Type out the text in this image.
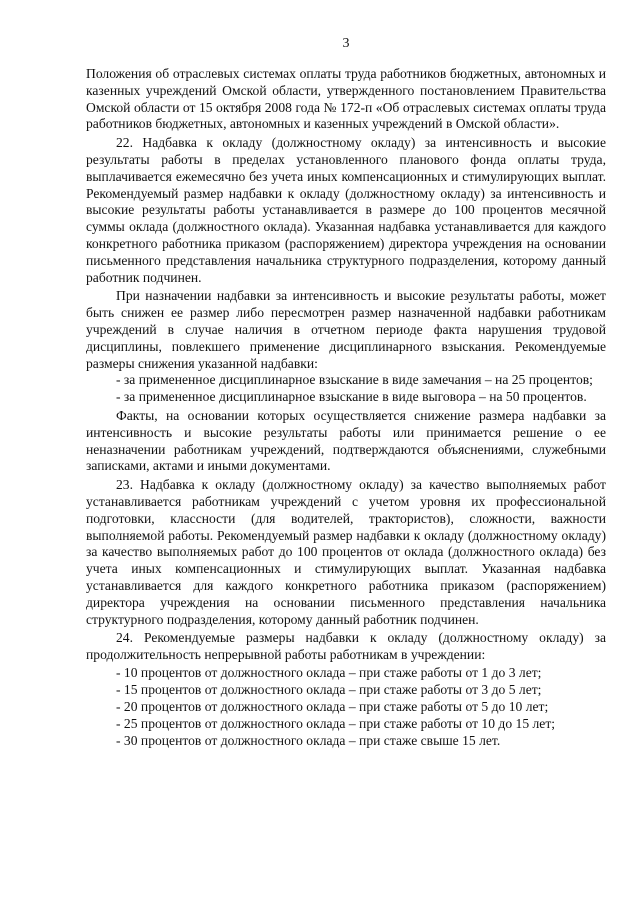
3

Положения об отраслевых системах оплаты труда работников бюджетных, автономных и казенных учреждений Омской области, утвержденного постановлением Правительства Омской области от 15 октября 2008 года № 172-п «Об отраслевых системах оплаты труда работников бюджетных, автономных и казенных учреждений в Омской области».

22. Надбавка к окладу (должностному окладу) за интенсивность и высокие результаты работы в пределах установленного планового фонда оплаты труда, выплачивается ежемесячно без учета иных компенсационных и стимулирующих выплат. Рекомендуемый размер надбавки к окладу (должностному окладу) за интенсивность и высокие результаты работы устанавливается в размере до 100 процентов месячной суммы оклада (должностного оклада). Указанная надбавка устанавливается для каждого конкретного работника приказом (распоряжением) директора учреждения на основании письменного представления начальника структурного подразделения, которому данный работник подчинен.

При назначении надбавки за интенсивность и высокие результаты работы, может быть снижен ее размер либо пересмотрен размер назначенной надбавки работникам учреждений в случае наличия в отчетном периоде факта нарушения трудовой дисциплины, повлекшего применение дисциплинарного взыскания. Рекомендуемые размеры снижения указанной надбавки:

- за примененное дисциплинарное взыскание в виде замечания – на 25 процентов;

- за примененное дисциплинарное взыскание в виде выговора – на 50 процентов.

Факты, на основании которых осуществляется снижение размера надбавки за интенсивность и высокие результаты работы или принимается решение о ее неназначении работникам учреждений, подтверждаются объяснениями, служебными записками, актами и иными документами.

23. Надбавка к окладу (должностному окладу) за качество выполняемых работ устанавливается работникам учреждений с учетом уровня их профессиональной подготовки, классности (для водителей, трактористов), сложности, важности выполняемой работы. Рекомендуемый размер надбавки к окладу (должностному окладу) за качество выполняемых работ до 100 процентов от оклада (должностного оклада) без учета иных компенсационных и стимулирующих выплат. Указанная надбавка устанавливается для каждого конкретного работника приказом (распоряжением) директора учреждения на основании письменного представления начальника структурного подразделения, которому данный работник подчинен.

24. Рекомендуемые размеры надбавки к окладу (должностному окладу) за продолжительность непрерывной работы работникам в учреждении:

- 10 процентов от должностного оклада – при стаже работы от 1 до 3 лет;

- 15 процентов от должностного оклада – при стаже работы от 3 до 5 лет;

- 20 процентов от должностного оклада – при стаже работы от 5 до 10 лет;

- 25 процентов от должностного оклада – при стаже работы от 10 до 15 лет;

- 30 процентов от должностного оклада – при стаже свыше 15 лет.
